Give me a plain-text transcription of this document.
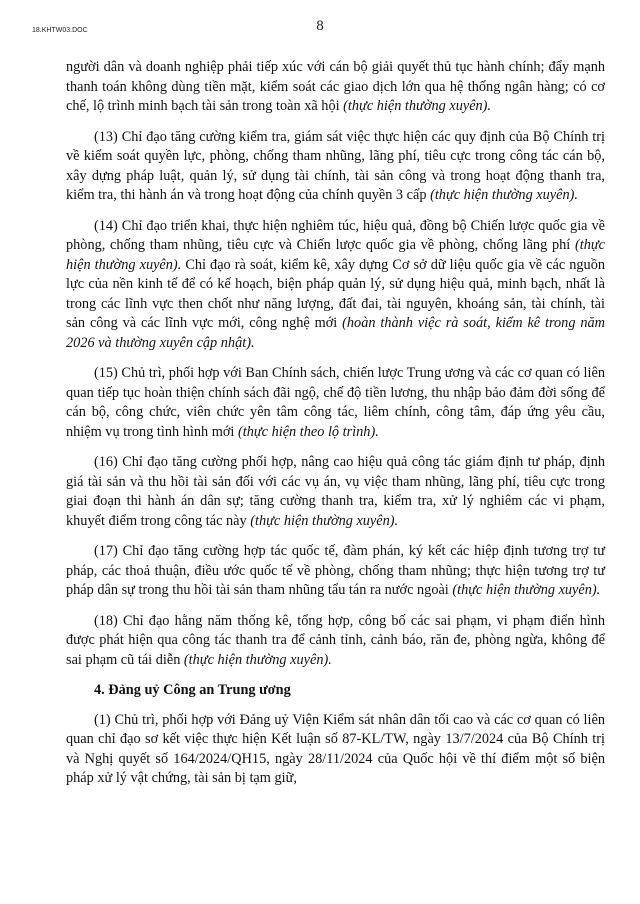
18.KHTW03.DOC	8

người dân và doanh nghiệp phải tiếp xúc với cán bộ giải quyết thủ tục hành chính; đẩy mạnh thanh toán không dùng tiền mặt, kiểm soát các giao dịch lớn qua hệ thống ngân hàng; có cơ chế, lộ trình minh bạch tài sản trong toàn xã hội (thực hiện thường xuyên).

(13) Chỉ đạo tăng cường kiểm tra, giám sát việc thực hiện các quy định của Bộ Chính trị về kiểm soát quyền lực, phòng, chống tham nhũng, lãng phí, tiêu cực trong công tác cán bộ, xây dựng pháp luật, quản lý, sử dụng tài chính, tài sản công và trong hoạt động thanh tra, kiểm tra, thi hành án và trong hoạt động của chính quyền 3 cấp (thực hiện thường xuyên).

(14) Chỉ đạo triển khai, thực hiện nghiêm túc, hiệu quả, đồng bộ Chiến lược quốc gia về phòng, chống tham nhũng, tiêu cực và Chiến lược quốc gia về phòng, chống lãng phí (thực hiện thường xuyên). Chỉ đạo rà soát, kiểm kê, xây dựng Cơ sở dữ liệu quốc gia về các nguồn lực của nền kinh tế để có kế hoạch, biện pháp quản lý, sử dụng hiệu quả, minh bạch, nhất là trong các lĩnh vực then chốt như năng lượng, đất đai, tài nguyên, khoáng sản, tài chính, tài sản công và các lĩnh vực mới, công nghệ mới (hoàn thành việc rà soát, kiểm kê trong năm 2026 và thường xuyên cập nhật).

(15) Chủ trì, phối hợp với Ban Chính sách, chiến lược Trung ương và các cơ quan có liên quan tiếp tục hoàn thiện chính sách đãi ngộ, chế độ tiền lương, thu nhập bảo đảm đời sống để cán bộ, công chức, viên chức yên tâm công tác, liêm chính, công tâm, đáp ứng yêu cầu, nhiệm vụ trong tình hình mới (thực hiện theo lộ trình).

(16) Chỉ đạo tăng cường phối hợp, nâng cao hiệu quả công tác giám định tư pháp, định giá tài sản và thu hồi tài sản đối với các vụ án, vụ việc tham nhũng, lãng phí, tiêu cực trong giai đoạn thi hành án dân sự; tăng cường thanh tra, kiểm tra, xử lý nghiêm các vi phạm, khuyết điểm trong công tác này (thực hiện thường xuyên).

(17) Chỉ đạo tăng cường hợp tác quốc tế, đàm phán, ký kết các hiệp định tương trợ tư pháp, các thoả thuận, điều ước quốc tế về phòng, chống tham nhũng; thực hiện tương trợ tư pháp dân sự trong thu hồi tài sản tham nhũng tẩu tán ra nước ngoài (thực hiện thường xuyên).

(18) Chỉ đạo hằng năm thống kê, tổng hợp, công bố các sai phạm, vi phạm điển hình được phát hiện qua công tác thanh tra để cảnh tỉnh, cảnh báo, răn đe, phòng ngừa, không để sai phạm cũ tái diễn (thực hiện thường xuyên).

4. Đảng uỷ Công an Trung ương

(1) Chủ trì, phối hợp với Đảng uỷ Viện Kiểm sát nhân dân tối cao và các cơ quan có liên quan chỉ đạo sơ kết việc thực hiện Kết luận số 87-KL/TW, ngày 13/7/2024 của Bộ Chính trị và Nghị quyết số 164/2024/QH15, ngày 28/11/2024 của Quốc hội về thí điểm một số biện pháp xử lý vật chứng, tài sản bị tạm giữ,
